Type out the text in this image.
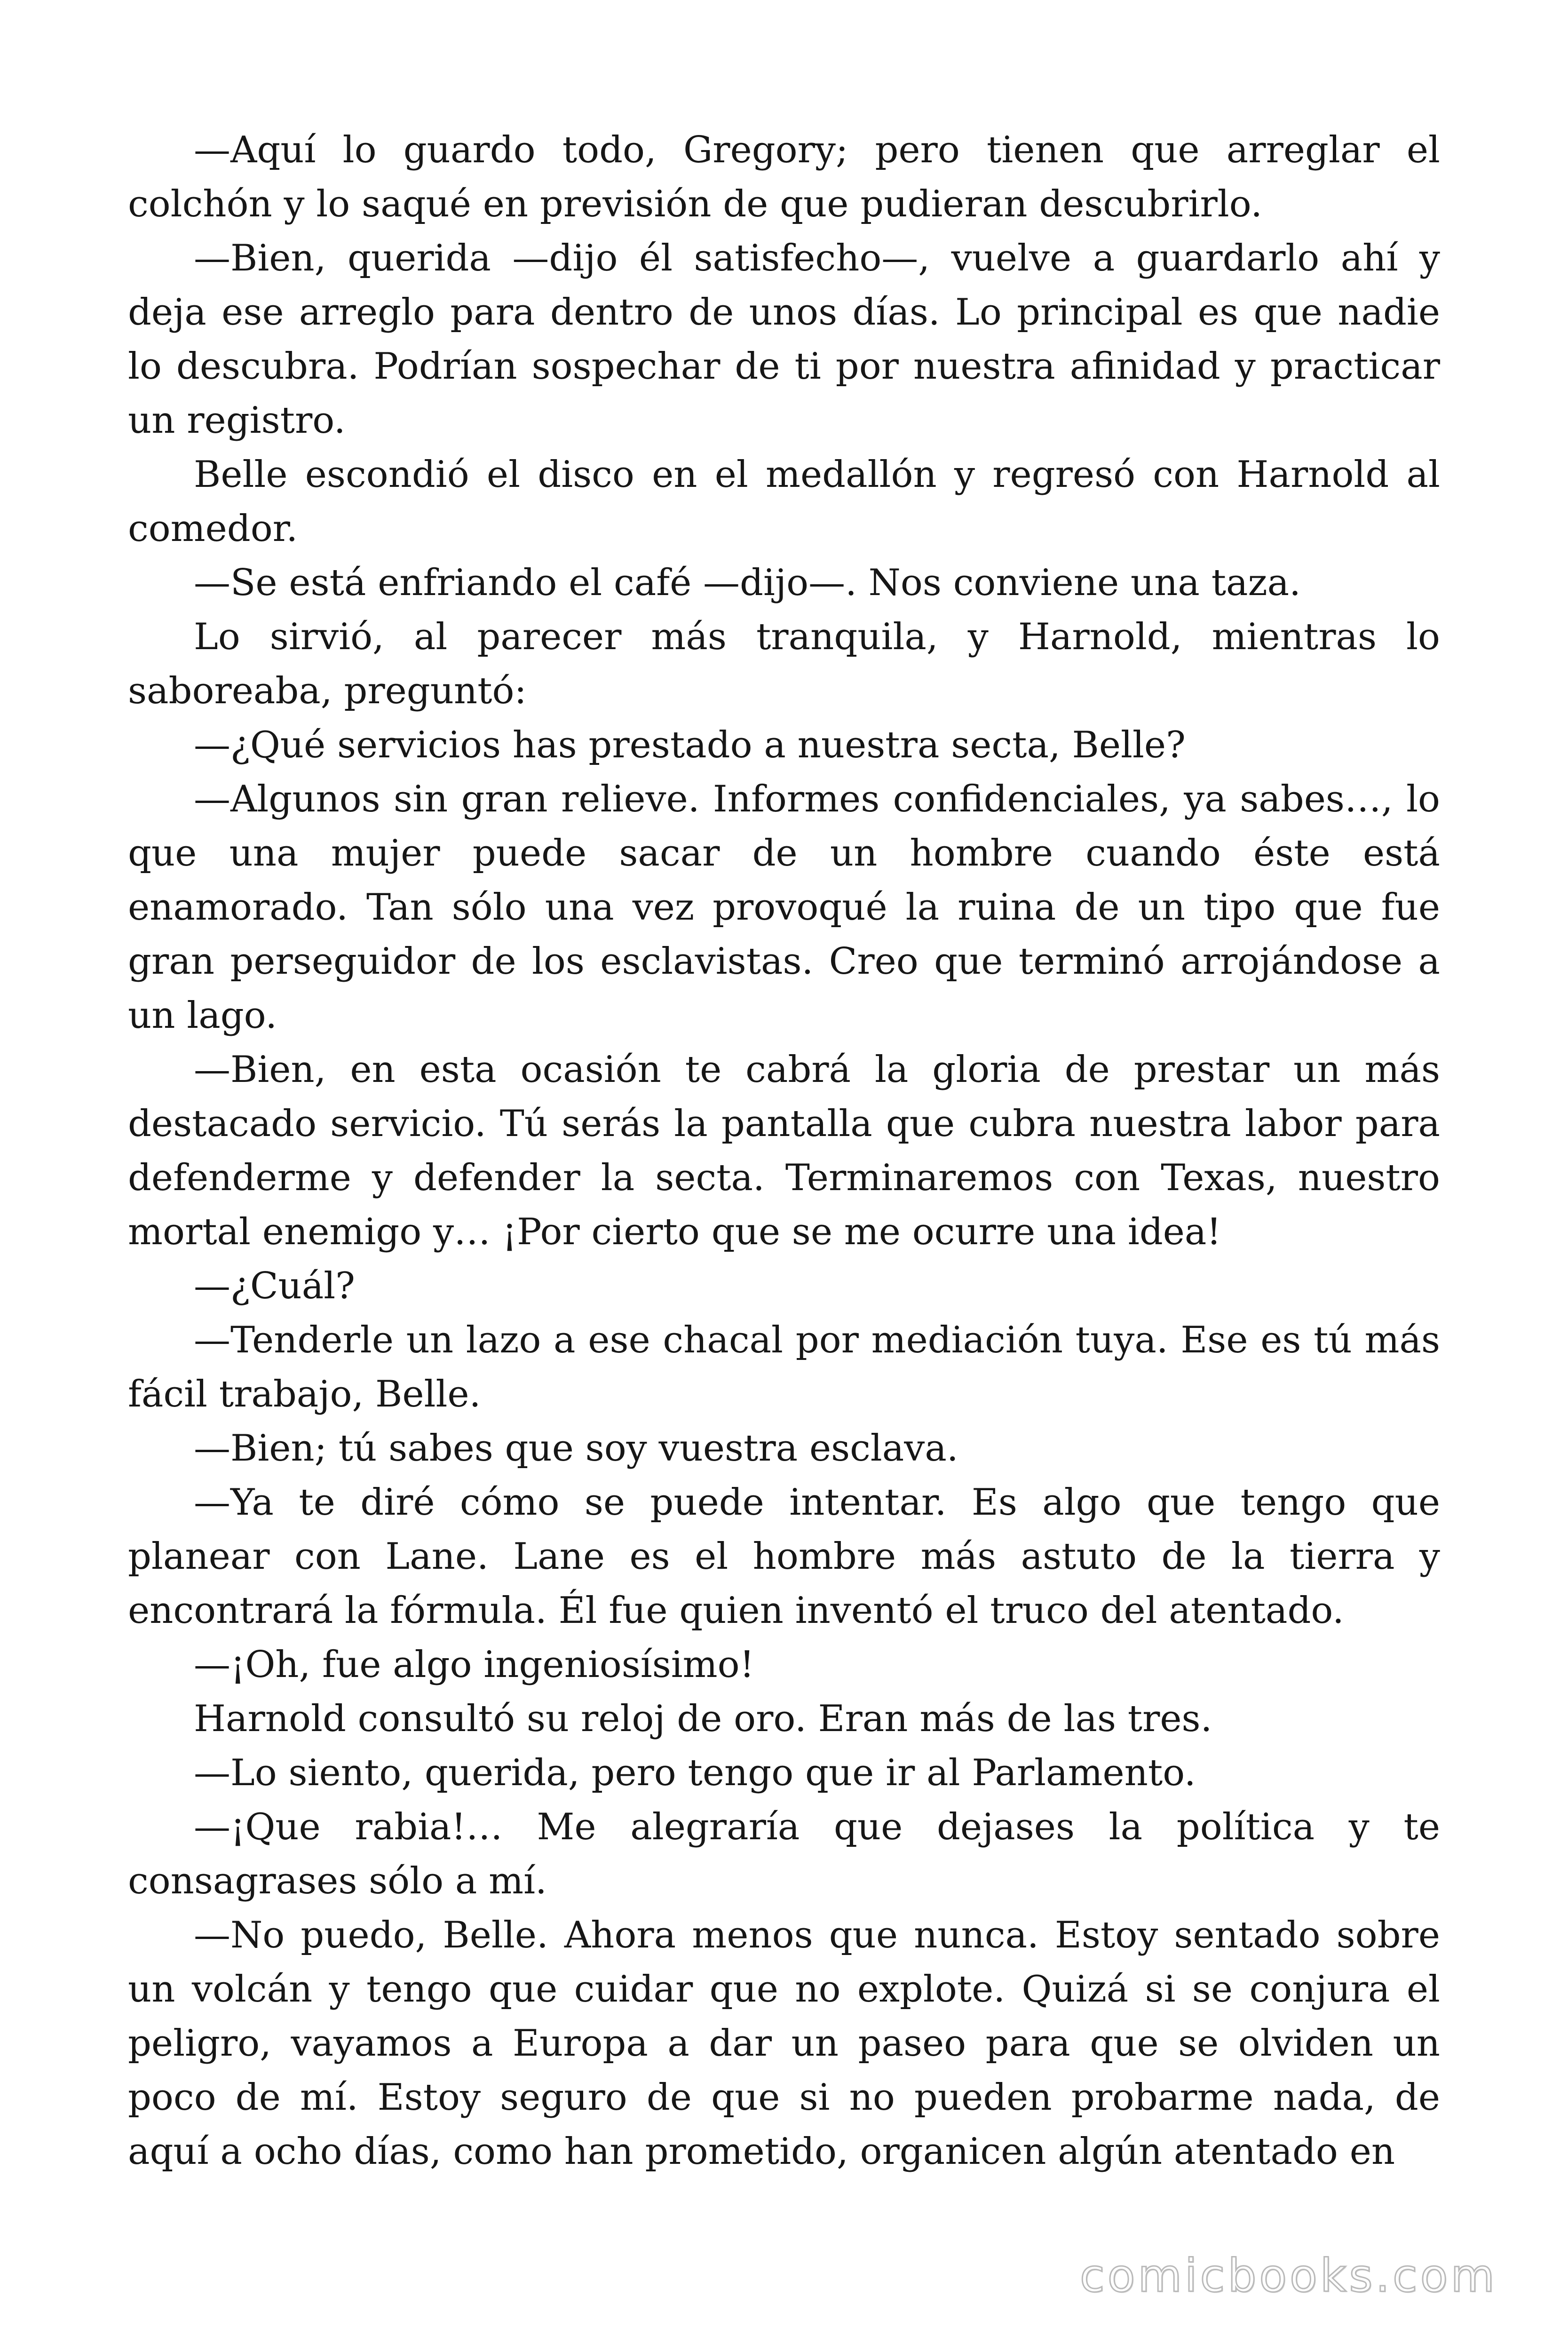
—Aquí lo guardo todo, Gregory; pero tienen que arreglar el colchón y lo saqué en previsión de que pudieran descubrirlo.

—Bien, querida —dijo él satisfecho—, vuelve a guardarlo ahí y deja ese arreglo para dentro de unos días. Lo principal es que nadie lo descubra. Podrían sospechar de ti por nuestra afinidad y practicar un registro.

Belle escondió el disco en el medallón y regresó con Harnold al comedor.

—Se está enfriando el café —dijo—. Nos conviene una taza.

Lo sirvió, al parecer más tranquila, y Harnold, mientras lo saboreaba, preguntó:

—¿Qué servicios has prestado a nuestra secta, Belle?

—Algunos sin gran relieve. Informes confidenciales, ya sabes…, lo que una mujer puede sacar de un hombre cuando éste está enamorado. Tan sólo una vez provoqué la ruina de un tipo que fue gran perseguidor de los esclavistas. Creo que terminó arrojándose a un lago.

—Bien, en esta ocasión te cabrá la gloria de prestar un más destacado servicio. Tú serás la pantalla que cubra nuestra labor para defenderme y defender la secta. Terminaremos con Texas, nuestro mortal enemigo y… ¡Por cierto que se me ocurre una idea!

—¿Cuál?

—Tenderle un lazo a ese chacal por mediación tuya. Ese es tú más fácil trabajo, Belle.

—Bien; tú sabes que soy vuestra esclava.

—Ya te diré cómo se puede intentar. Es algo que tengo que planear con Lane. Lane es el hombre más astuto de la tierra y encontrará la fórmula. Él fue quien inventó el truco del atentado.

—¡Oh, fue algo ingeniosísimo!

Harnold consultó su reloj de oro. Eran más de las tres.

—Lo siento, querida, pero tengo que ir al Parlamento.

—¡Que rabia!… Me alegraría que dejases la política y te consagrases sólo a mí.

—No puedo, Belle. Ahora menos que nunca. Estoy sentado sobre un volcán y tengo que cuidar que no explote. Quizá si se conjura el peligro, vayamos a Europa a dar un paseo para que se olviden un poco de mí. Estoy seguro de que si no pueden probarme nada, de aquí a ocho días, como han prometido, organicen algún atentado en

comicbooks.com
